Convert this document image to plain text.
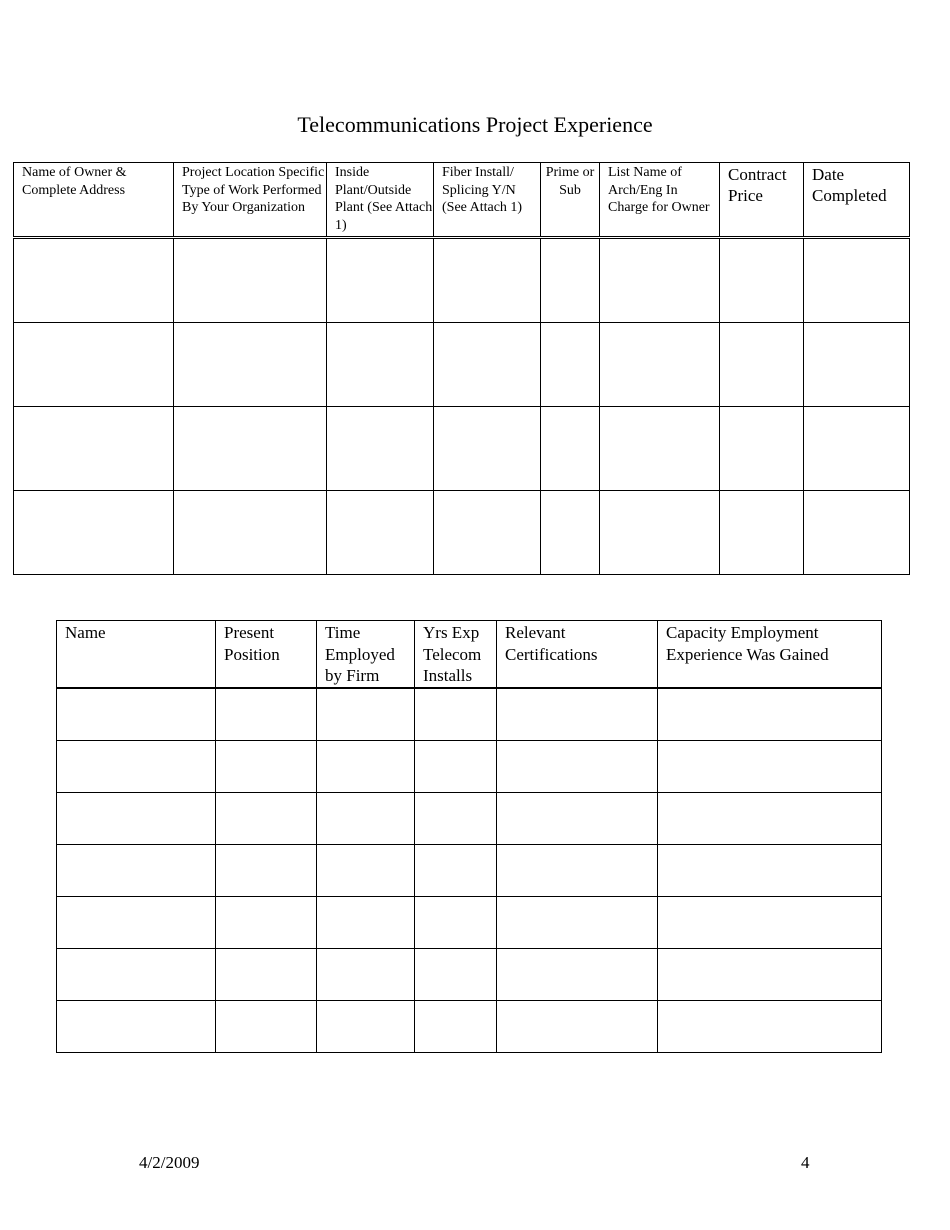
Telecommunications Project Experience
Name of Owner & Complete Address	Project Location Specific Type of Work Performed By Your Organization	Inside Plant/Outside Plant (See Attach 1)	Fiber Install/ Splicing Y/N (See Attach 1)	Prime or Sub	List Name of Arch/Eng In Charge for Owner	Contract Price	Date Completed

Name	Present Position	Time Employed by Firm	Yrs Exp Telecom Installs	Relevant Certifications	Capacity Employment Experience Was Gained

4/2/2009	4
